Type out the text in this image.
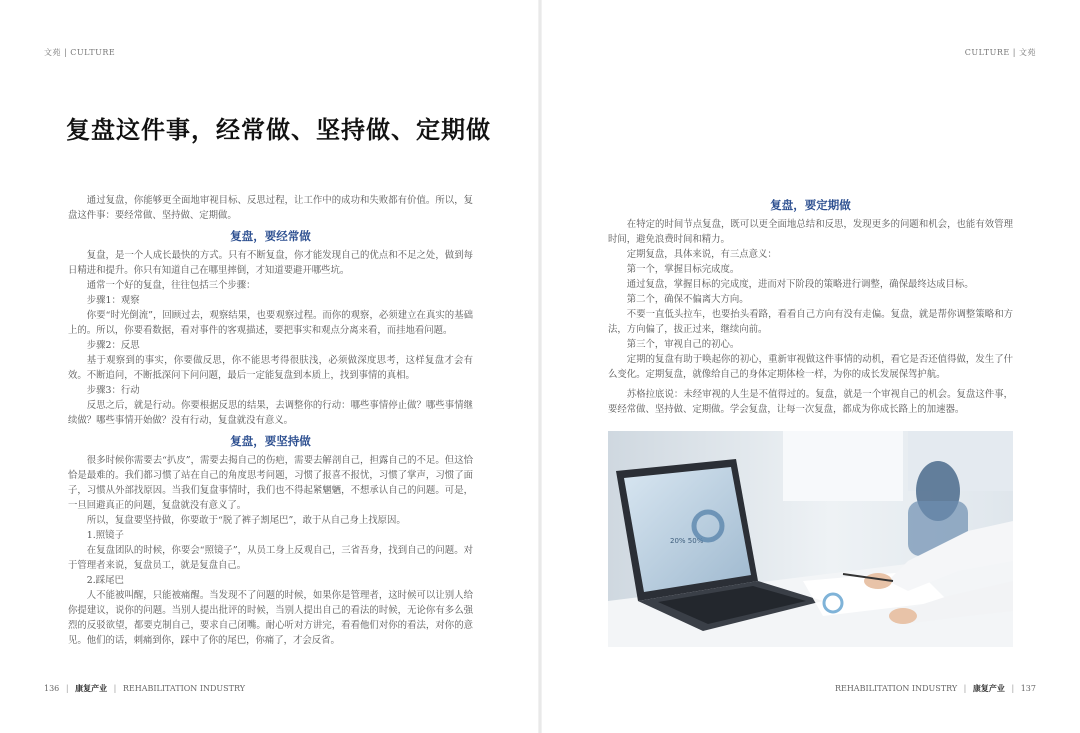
文苑 | CULTURE	CULTURE | 文苑
复盘这件事，经常做、坚持做、定期做

通过复盘，你能够更全面地审视目标、反思过程，让工作中的成功和失败都有价值。所以，复盘这件事：要经常做、坚持做、定期做。

复盘，要经常做

复盘，是一个人成长最快的方式。只有不断复盘，你才能发现自己的优点和不足之处，做到每日精进和提升。你只有知道自己在哪里摔倒，才知道要避开哪些坑。

通常一个好的复盘，往往包括三个步骤：

步骤1：观察

你要“时光倒流”，回顾过去，观察结果，也要观察过程。而你的观察，必须建立在真实的基础上的。所以，你要看数据，看对事件的客观描述，要把事实和观点分离来看，而挂地看问题。

步骤2：反思

基于观察到的事实，你要做反思，你不能思考得很肤浅，必须做深度思考，这样复盘才会有效。不断追问，不断抵深问下问问题，最后一定能复盘到本质上，找到事情的真相。

步骤3：行动

反思之后，就是行动。你要根据反思的结果，去调整你的行动：哪些事情停止做？哪些事情继续做？哪些事情开始做？没有行动，复盘就没有意义。

复盘，要坚持做

很多时候你需要去“扒皮”，需要去揭自己的伤疤，需要去解剖自己，担露自己的不足。但这恰恰是最难的。我们都习惯了站在自己的角度思考问题，习惯了报喜不报忧，习惯了掌声，习惯了面子，习惯从外部找原因。当我们复盘事情时，我们也不得起紧魍魉，不想承认自己的问题。可是，一旦回避真正的问题，复盘就没有意义了。

所以，复盘要坚持做，你要敢于“脱了裤子割尾巴”，敢于从自己身上找原因。

1.照镜子

在复盘团队的时候，你要会“照镜子”，从员工身上反观自己，三省吾身，找到自己的问题。对于管理者来说，复盘员工，就是复盘自己。

2.踩尾巴

人不能被叫醒，只能被痛醒。当发现不了问题的时候，如果你是管理者，这时候可以让别人给你提建议，说你的问题。当别人提出批评的时候，当别人提出自己的看法的时候，无论你有多么强烈的反驳欲望，都要克制自己，要求自己闭嘴。耐心听对方讲完，看看他们对你的看法，对你的意见。他们的话，刺痛到你，踩中了你的尾巴，你痛了，才会反省。

复盘，要定期做

在特定的时间节点复盘，既可以更全面地总结和反思，发现更多的问题和机会，也能有效管理时间，避免浪费时间和精力。

定期复盘，具体来说，有三点意义：

第一个，掌握目标完成度。

通过复盘，掌握目标的完成度，进而对下阶段的策略进行调整，确保最终达成目标。

第二个，确保不偏离大方向。

不要一直低头拉车，也要抬头看路，看看自己方向有没有走偏。复盘，就是帮你调整策略和方法，方向偏了，拔正过来，继续向前。

第三个，审视自己的初心。

定期的复盘有助于唤起你的初心，重新审视做这件事情的动机，看它是否还值得做，发生了什么变化。定期复盘，就像给自己的身体定期体检一样，为你的成长发展保驾护航。

苏格拉底说：未经审视的人生是不值得过的。复盘，就是一个审视自己的机会。复盘这件事，要经常做、坚持做、定期做。学会复盘，让每一次复盘，都成为你成长路上的加速器。

20% 50%
136 | 康复产业 | REHABILITATION INDUSTRY	REHABILITATION INDUSTRY | 康复产业 | 137
